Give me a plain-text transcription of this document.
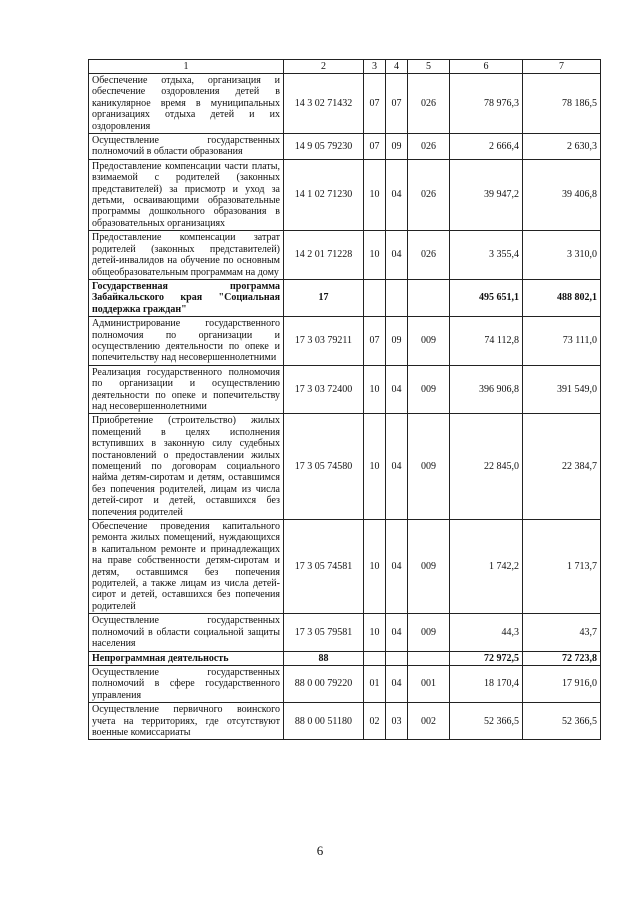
1	2	3	4	5	6	7
Обеспечение отдыха, организация и обеспечение оздоровления детей в каникулярное время в муниципальных организациях отдыха детей и их оздоровления	14 3 02 71432	07	07	026	78 976,3	78 186,5
Осуществление государственных полномочий в области образования	14 9 05 79230	07	09	026	2 666,4	2 630,3
Предоставление компенсации части платы, взимаемой с родителей (законных представителей) за присмотр и уход за детьми, осваивающими образовательные программы дошкольного образования в образовательных организациях	14 1 02 71230	10	04	026	39 947,2	39 406,8
Предоставление компенсации затрат родителей (законных представителей) детей-инвалидов на обучение по основным общеобразовательным программам на дому	14 2 01 71228	10	04	026	3 355,4	3 310,0
Государственная программа Забайкальского края "Социальная поддержка граждан"	17				495 651,1	488 802,1
Администрирование государственного полномочия по организации и осуществлению деятельности по опеке и попечительству над несовершеннолетними	17 3 03 79211	07	09	009	74 112,8	73 111,0
Реализация государственного полномочия по организации и осуществлению деятельности по опеке и попечительству над несовершеннолетними	17 3 03 72400	10	04	009	396 906,8	391 549,0
Приобретение (строительство) жилых помещений в целях исполнения вступивших в законную силу судебных постановлений о предоставлении жилых помещений по договорам социального найма детям-сиротам и детям, оставшимся без попечения родителей, лицам из числа детей-сирот и детей, оставшихся без попечения родителей	17 3 05 74580	10	04	009	22 845,0	22 384,7
Обеспечение проведения капитального ремонта жилых помещений, нуждающихся в капитальном ремонте и принадлежащих на праве собственности детям-сиротам и детям, оставшимся без попечения родителей, а также лицам из числа детей-сирот и детей, оставшихся без попечения родителей	17 3 05 74581	10	04	009	1 742,2	1 713,7
Осуществление государственных полномочий в области социальной защиты населения	17 3 05 79581	10	04	009	44,3	43,7
Непрограммная деятельность	88				72 972,5	72 723,8
Осуществление государственных полномочий в сфере государственного управления	88 0 00 79220	01	04	001	18 170,4	17 916,0
Осуществление первичного воинского учета на территориях, где отсутствуют военные комиссариаты	88 0 00 51180	02	03	002	52 366,5	52 366,5
6
